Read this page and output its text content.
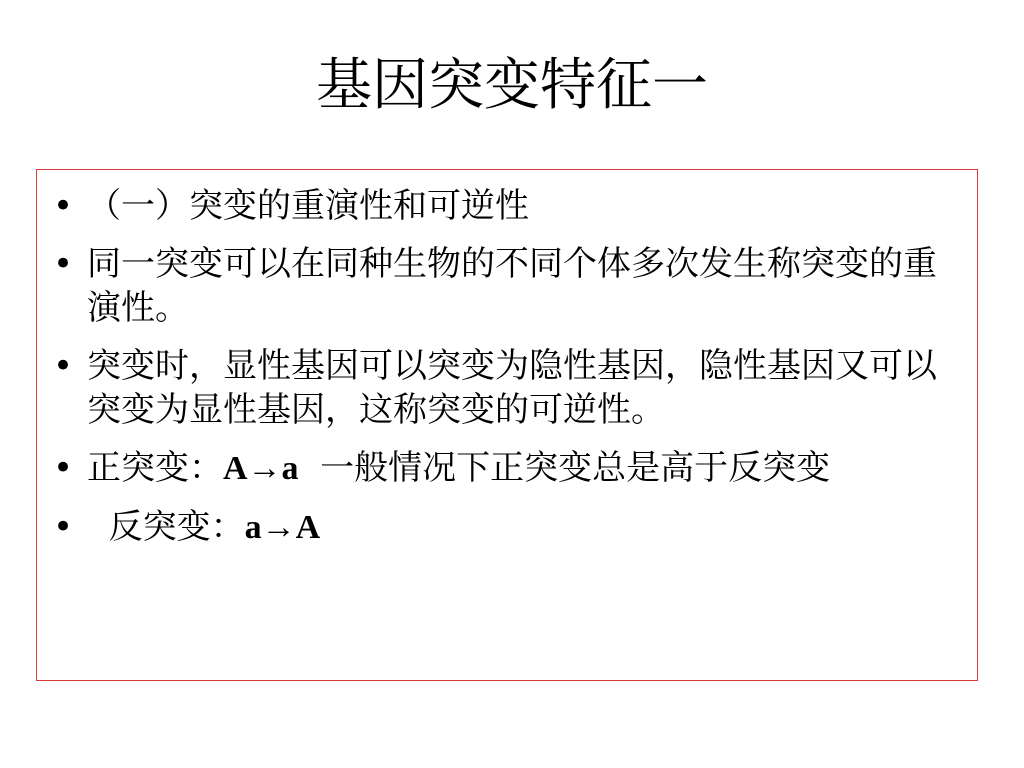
基因突变特征一
• （一）突变的重演性和可逆性
• 同一突变可以在同种生物的不同个体多次发生称突变的重演性。
• 突变时，显性基因可以突变为隐性基因，隐性基因又可以突变为显性基因，这称突变的可逆性。
• 正突变：A→a  一般情况下正突变总是高于反突变
• 反突变：a→A
